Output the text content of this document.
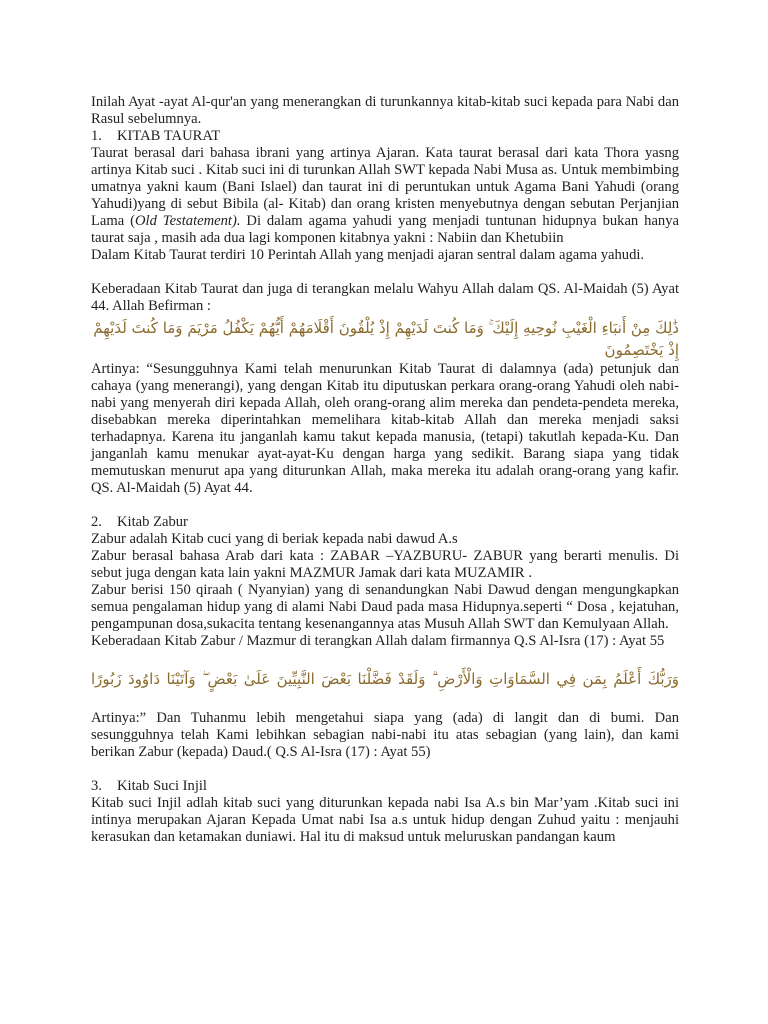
Inilah Ayat -ayat Al-qur'an yang menerangkan di turunkannya kitab-kitab suci kepada para Nabi dan Rasul sebelumnya.

1.	KITAB TAURAT

Taurat berasal dari bahasa ibrani yang artinya Ajaran. Kata taurat berasal dari kata Thora yasng artinya Kitab suci . Kitab suci ini di turunkan Allah SWT kepada Nabi Musa as. Untuk membimbing umatnya yakni kaum (Bani Islael) dan taurat ini di peruntukan untuk Agama Bani Yahudi (orang Yahudi)yang di sebut Bibila (al- Kitab) dan orang kristen menyebutnya dengan sebutan Perjanjian Lama (Old Testatement). Di dalam agama yahudi yang menjadi tuntunan hidupnya bukan hanya taurat saja , masih ada dua lagi komponen kitabnya yakni : Nabiin dan Khetubiin

Dalam Kitab Taurat terdiri 10 Perintah Allah yang menjadi ajaran sentral dalam agama yahudi.

Keberadaan Kitab Taurat dan juga di terangkan melalu Wahyu Allah dalam QS. Al-Maidah (5) Ayat 44. Allah Befirman :

ذَٰلِكَ مِنْ أَنبَاءِ الْغَيْبِ نُوحِيهِ إِلَيْكَ ۚ وَمَا كُنتَ لَدَيْهِمْ إِذْ يُلْقُونَ أَقْلَامَهُمْ أَيُّهُمْ يَكْفُلُ مَرْيَمَ وَمَا كُنتَ لَدَيْهِمْ إِذْ يَخْتَصِمُونَ

Artinya: “Sesungguhnya Kami telah menurunkan Kitab Taurat di dalamnya (ada) petunjuk dan cahaya (yang menerangi), yang dengan Kitab itu diputuskan perkara orang-orang Yahudi oleh nabi-nabi yang menyerah diri kepada Allah, oleh orang-orang alim mereka dan pendeta-pendeta mereka, disebabkan mereka diperintahkan memelihara kitab-kitab Allah dan mereka menjadi saksi terhadapnya. Karena itu janganlah kamu takut kepada manusia, (tetapi) takutlah kepada-Ku. Dan janganlah kamu menukar ayat-ayat-Ku dengan harga yang sedikit. Barang siapa yang tidak memutuskan menurut apa yang diturunkan Allah, maka mereka itu adalah orang-orang yang kafir. QS. Al-Maidah (5) Ayat 44.

2.	Kitab Zabur

Zabur adalah Kitab cuci yang di beriak kepada nabi dawud A.s

Zabur berasal bahasa Arab dari kata : ZABAR –YAZBURU- ZABUR yang berarti menulis. Di sebut juga dengan kata lain yakni MAZMUR Jamak dari kata MUZAMIR .

Zabur berisi 150 qiraah ( Nyanyian) yang di senandungkan Nabi Dawud dengan mengungkapkan semua pengalaman hidup yang di alami Nabi Daud pada masa Hidupnya.seperti “ Dosa , kejatuhan, pengampunan dosa,sukacita tentang kesenangannya atas Musuh Allah SWT dan Kemulyaan Allah.

Keberadaan Kitab Zabur / Mazmur di terangkan Allah dalam firmannya Q.S Al-Isra (17) : Ayat 55

وَرَبُّكَ أَعْلَمُ بِمَن فِي السَّمَاوَاتِ وَالْأَرْضِ ۗ وَلَقَدْ فَضَّلْنَا بَعْضَ النَّبِيِّينَ عَلَىٰ بَعْضٍ ۖ وَآتَيْنَا دَاوُودَ زَبُورًا

Artinya:” Dan Tuhanmu lebih mengetahui siapa yang (ada) di langit dan di bumi. Dan sesungguhnya telah Kami lebihkan sebagian nabi-nabi itu atas sebagian (yang lain), dan kami berikan Zabur (kepada) Daud.( Q.S Al-Isra (17) : Ayat 55)

3.	Kitab Suci Injil

Kitab suci Injil adlah kitab suci yang diturunkan kepada nabi Isa A.s bin Mar’yam .Kitab suci ini intinya merupakan Ajaran Kepada Umat nabi Isa a.s untuk hidup dengan Zuhud yaitu : menjauhi kerasukan dan ketamakan duniawi. Hal itu di maksud untuk meluruskan pandangan kaum
